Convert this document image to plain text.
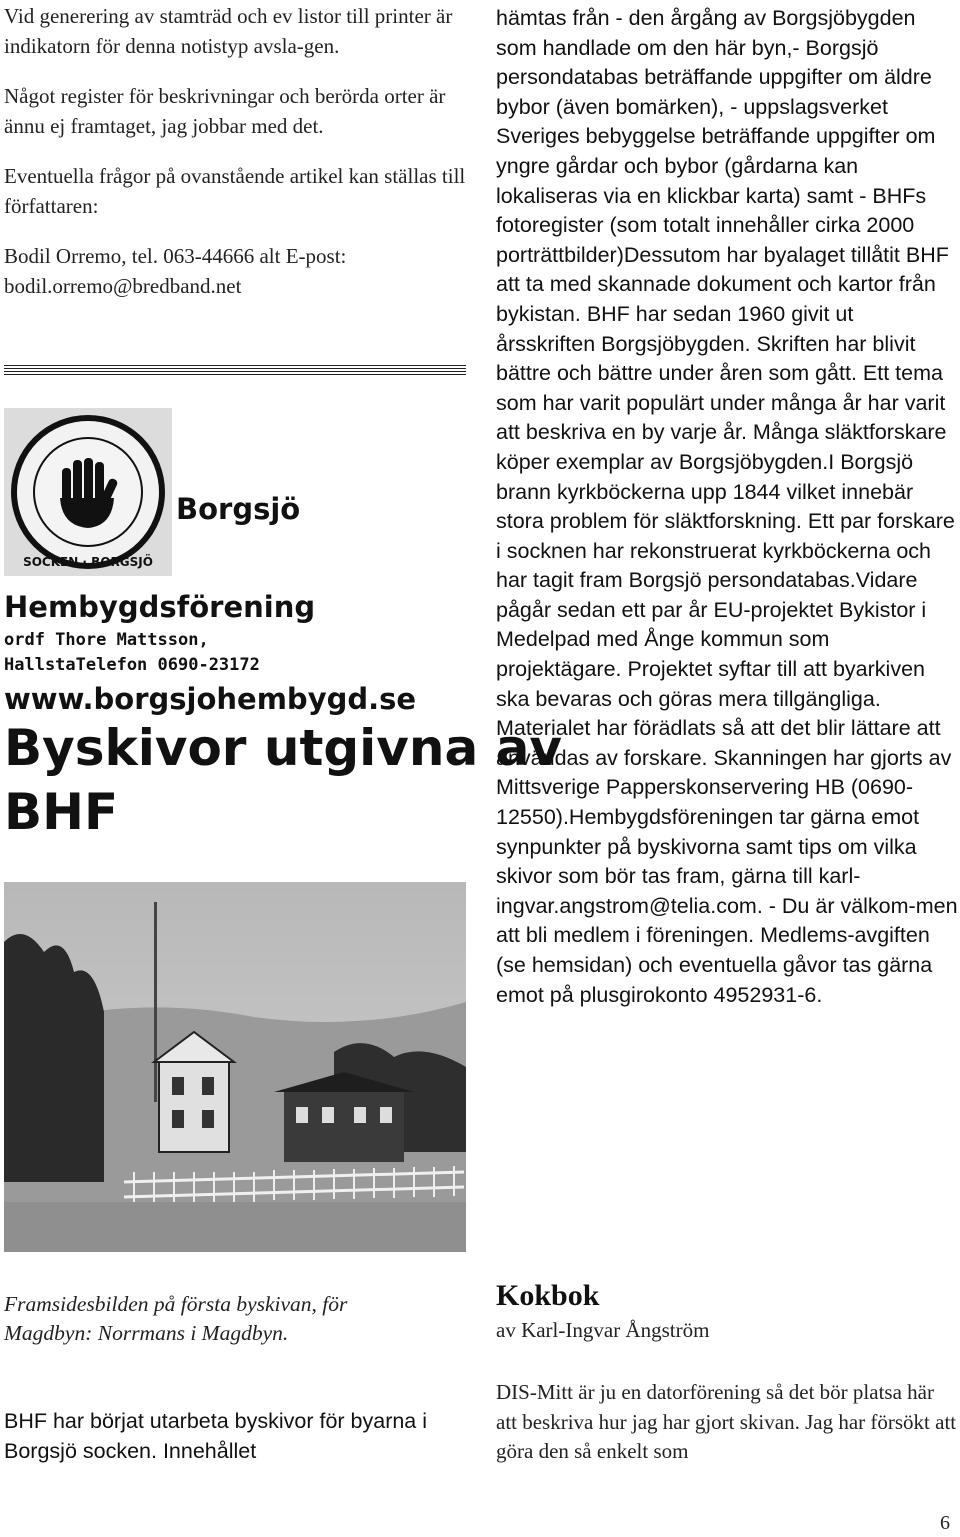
Vid generering av stamträd och ev listor till printer är indikatorn för denna notistyp avsla-gen.

Något register för beskrivningar och berörda orter är ännu ej framtaget, jag jobbar med det.

Eventuella frågor på ovanstående artikel kan ställas till författaren:

Bodil Orremo, tel. 063-44666 alt E-post: bodil.orremo@bredband.net

SOCKEN · BORGSJÖ
Borgsjö
Hembygdsförening
ordf Thore Mattsson,
HallstaTelefon 0690-23172
www.borgsjohembygd.se
Byskivor utgivna av
BHF

hämtas från - den årgång av Borgsjöbygden som handlade om den här byn,- Borgsjö persondatabas beträffande uppgifter om äldre bybor (även bomärken), - uppslagsverket Sveriges bebyggelse beträffande uppgifter om yngre gårdar och bybor (gårdarna kan lokaliseras via en klickbar karta) samt - BHFs fotoregister (som totalt innehåller cirka 2000 porträttbilder)Dessutom har byalaget tillåtit BHF att ta med skannade dokument och kartor från bykistan. BHF har sedan 1960 givit ut årsskriften Borgsjöbygden. Skriften har blivit bättre och bättre under åren som gått. Ett tema som har varit populärt under många år har varit att beskriva en by varje år. Många släktforskare köper exemplar av Borgsjöbygden.I Borgsjö brann kyrkböckerna upp 1844 vilket innebär stora problem för släktforskning. Ett par forskare i socknen har rekonstruerat kyrkböckerna och har tagit fram Borgsjö persondatabas.Vidare pågår sedan ett par år EU-projektet Bykistor i Medelpad med Ånge kommun som projektägare. Projektet syftar till att byarkiven ska bevaras och göras mera tillgängliga. Materialet har förädlats så att det blir lättare att användas av forskare. Skanningen har gjorts av Mittsverige Papperskonservering HB (0690-12550).Hembygdsföreningen tar gärna emot synpunkter på byskivorna samt tips om vilka skivor som bör tas fram, gärna till karl-ingvar.angstrom@telia.com. - Du är välkom-men att bli medlem i föreningen. Medlems-avgiften (se hemsidan) och eventuella gåvor tas gärna emot på plusgirokonto 4952931-6.

Framsidesbilden på första byskivan, för

Magdbyn: Norrmans i Magdbyn.

BHF har börjat utarbeta byskivor för byarna i Borgsjö socken. Innehållet
Kokbok
av Karl-Ingvar Ångström

DIS-Mitt är ju en datorförening så det bör platsa här att beskriva hur jag har gjort skivan. Jag har försökt att göra den så enkelt som

6
